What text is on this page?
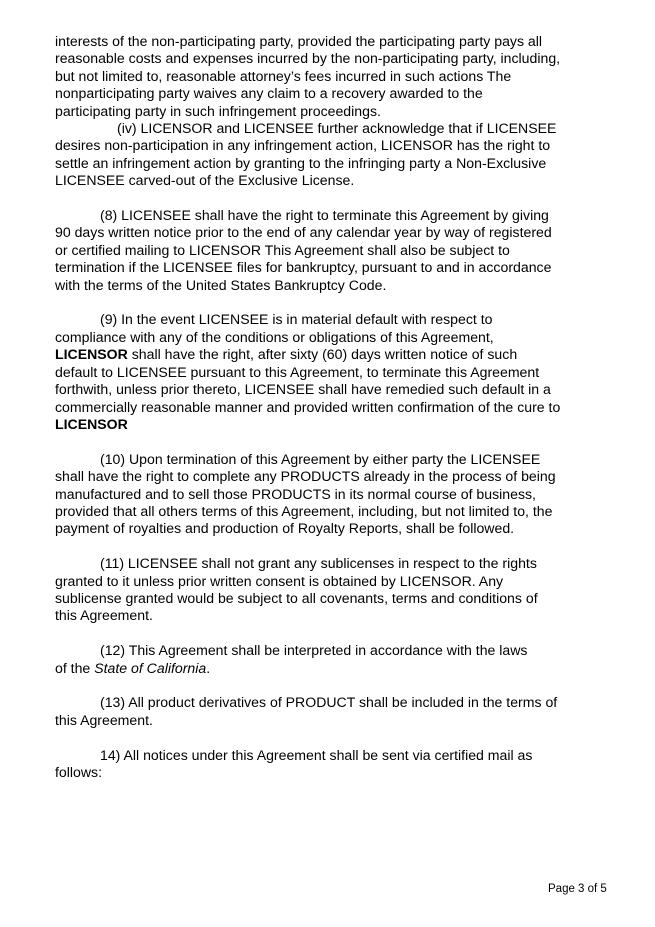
interests of the non-participating party, provided the participating party pays all
reasonable costs and expenses incurred by the non-participating party, including,
but not limited to, reasonable attorney’s fees incurred in such actions The
nonparticipating party waives any claim to a recovery awarded to the
participating party in such infringement proceedings.
(iv) LICENSOR and LICENSEE further acknowledge that if LICENSEE
desires non-participation in any infringement action, LICENSOR has the right to
settle an infringement action by granting to the infringing party a Non-Exclusive
LICENSEE carved-out of the Exclusive License.
(8) LICENSEE shall have the right to terminate this Agreement by giving
90 days written notice prior to the end of any calendar year by way of registered
or certified mailing to LICENSOR This Agreement shall also be subject to
termination if the LICENSEE files for bankruptcy, pursuant to and in accordance
with the terms of the United States Bankruptcy Code.
(9) In the event LICENSEE is in material default with respect to
compliance with any of the conditions or obligations of this Agreement,
LICENSOR shall have the right, after sixty (60) days written notice of such
default to LICENSEE pursuant to this Agreement, to terminate this Agreement
forthwith, unless prior thereto, LICENSEE shall have remedied such default in a
commercially reasonable manner and provided written confirmation of the cure to
LICENSOR
(10) Upon termination of this Agreement by either party the LICENSEE
shall have the right to complete any PRODUCTS already in the process of being
manufactured and to sell those PRODUCTS in its normal course of business,
provided that all others terms of this Agreement, including, but not limited to, the
payment of royalties and production of Royalty Reports, shall be followed.
(11) LICENSEE shall not grant any sublicenses in respect to the rights
granted to it unless prior written consent is obtained by LICENSOR. Any
sublicense granted would be subject to all covenants, terms and conditions of
this Agreement.
(12) This Agreement shall be interpreted in accordance with the laws
of the State of California.
(13) All product derivatives of PRODUCT shall be included in the terms of
this Agreement.
14) All notices under this Agreement shall be sent via certified mail as
follows:
Page 3 of 5
